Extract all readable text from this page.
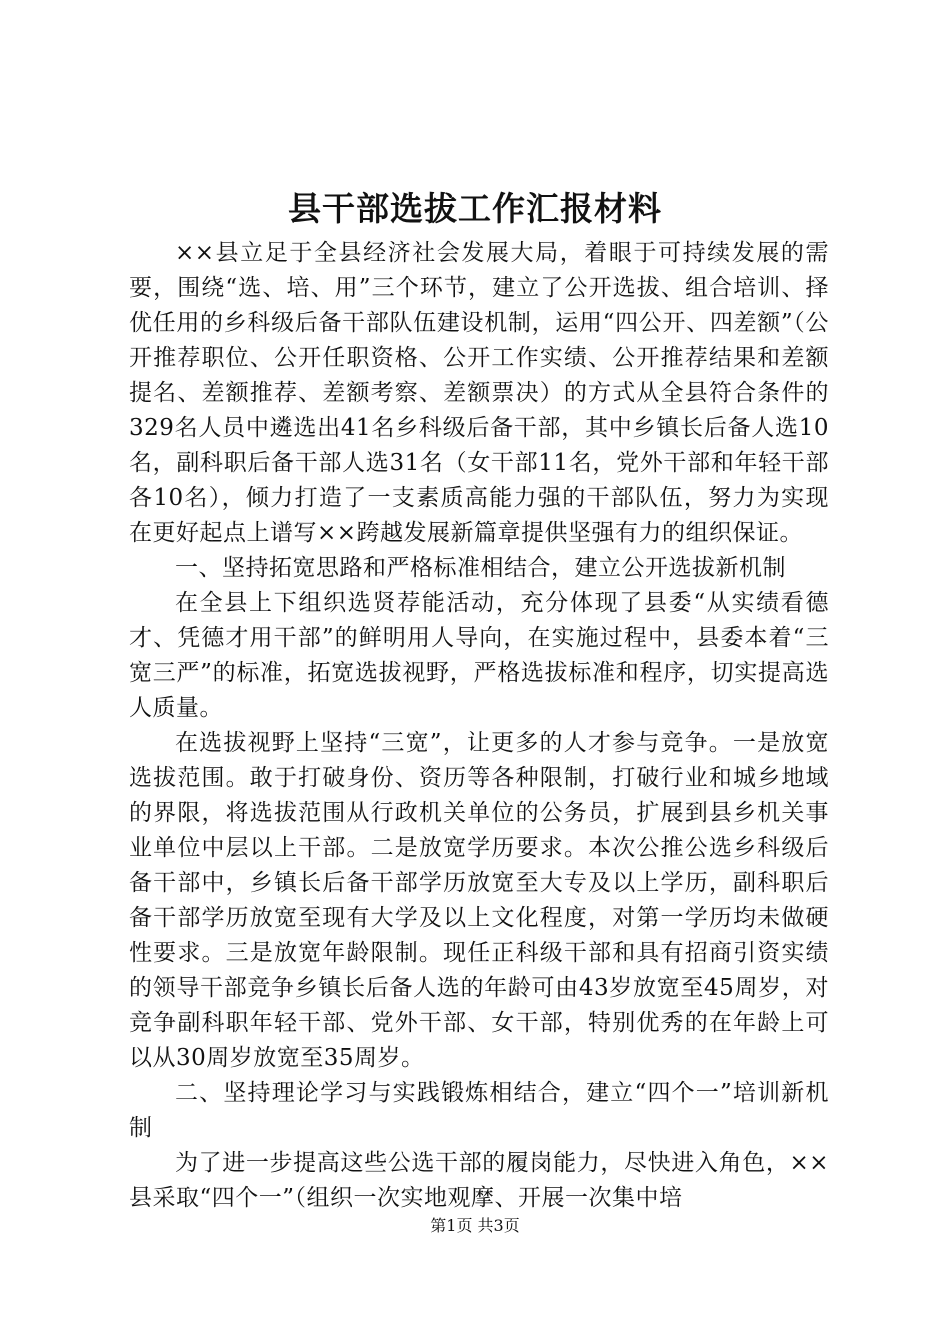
县干部选拔工作汇报材料

××县立足于全县经济社会发展大局，着眼于可持续发展的需要，围绕“选、培、用”三个环节，建立了公开选拔、组合培训、择优任用的乡科级后备干部队伍建设机制，运用“四公开、四差额”（公开推荐职位、公开任职资格、公开工作实绩、公开推荐结果和差额提名、差额推荐、差额考察、差额票决）的方式从全县符合条件的329名人员中遴选出41名乡科级后备干部，其中乡镇长后备人选10名，副科职后备干部人选31名（女干部11名，党外干部和年轻干部各10名），倾力打造了一支素质高能力强的干部队伍，努力为实现在更好起点上谱写××跨越发展新篇章提供坚强有力的组织保证。

一、坚持拓宽思路和严格标准相结合，建立公开选拔新机制

在全县上下组织选贤荐能活动，充分体现了县委“从实绩看德才、凭德才用干部”的鲜明用人导向，在实施过程中，县委本着“三宽三严”的标准，拓宽选拔视野，严格选拔标准和程序，切实提高选人质量。

在选拔视野上坚持“三宽”，让更多的人才参与竞争。一是放宽选拔范围。敢于打破身份、资历等各种限制，打破行业和城乡地域的界限，将选拔范围从行政机关单位的公务员，扩展到县乡机关事业单位中层以上干部。二是放宽学历要求。本次公推公选乡科级后备干部中，乡镇长后备干部学历放宽至大专及以上学历，副科职后备干部学历放宽至现有大学及以上文化程度，对第一学历均未做硬性要求。三是放宽年龄限制。现任正科级干部和具有招商引资实绩的领导干部竞争乡镇长后备人选的年龄可由43岁放宽至45周岁，对竞争副科职年轻干部、党外干部、女干部，特别优秀的在年龄上可以从30周岁放宽至35周岁。

二、坚持理论学习与实践锻炼相结合，建立“四个一”培训新机制

为了进一步提高这些公选干部的履岗能力，尽快进入角色，××县采取“四个一”（组织一次实地观摩、开展一次集中培

第1页 共3页
